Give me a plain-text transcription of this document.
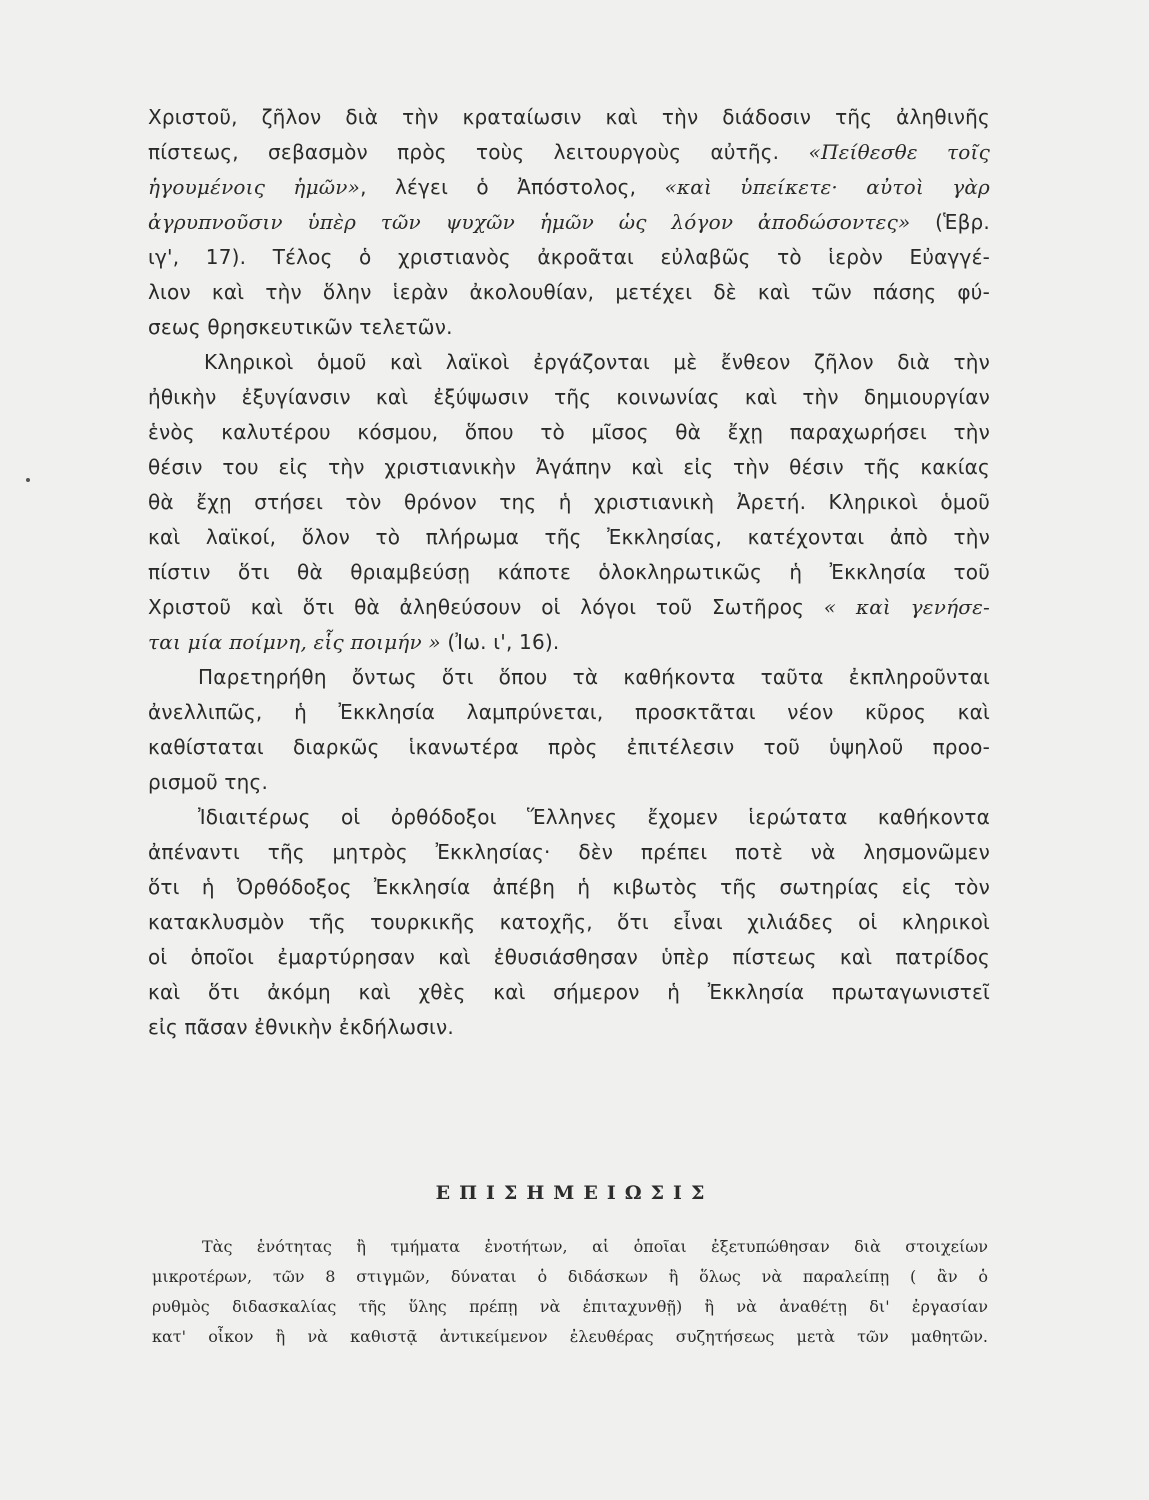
Χριστοῦ, ζῆλον διὰ τὴν κραταίωσιν καὶ τὴν διάδοσιν τῆς ἀληθινῆς
πίστεως, σεβασμὸν πρὸς τοὺς λειτουργοὺς αὐτῆς. «Πείθεσθε τοῖς
ἡγουμένοις ἡμῶν», λέγει ὁ Ἀπόστολος, «καὶ ὑπείκετε· αὐτοὶ γὰρ
ἀγρυπνοῦσιν ὑπὲρ τῶν ψυχῶν ἡμῶν ὡς λόγον ἀποδώσοντες» (Ἑβρ.
ιγ', 17). Τέλος ὁ χριστιανὸς ἀκροᾶται εὐλαβῶς τὸ ἱερὸν Εὐαγγέ-
λιον καὶ τὴν ὅλην ἱερὰν ἀκολουθίαν, μετέχει δὲ καὶ τῶν πάσης φύ-
σεως θρησκευτικῶν τελετῶν.
Κληρικοὶ ὁμοῦ καὶ λαϊκοὶ ἐργάζονται μὲ ἔνθεον ζῆλον διὰ τὴν
ἠθικὴν ἐξυγίανσιν καὶ ἐξύψωσιν τῆς κοινωνίας καὶ τὴν δημιουργίαν
ἑνὸς καλυτέρου κόσμου, ὅπου τὸ μῖσος θὰ ἔχῃ παραχωρήσει τὴν
θέσιν του εἰς τὴν χριστιανικὴν Ἀγάπην καὶ εἰς τὴν θέσιν τῆς κακίας
θὰ ἔχῃ στήσει τὸν θρόνον της ἡ χριστιανικὴ Ἀρετή. Κληρικοὶ ὁμοῦ
καὶ λαϊκοί, ὅλον τὸ πλήρωμα τῆς Ἐκκλησίας, κατέχονται ἀπὸ τὴν
πίστιν ὅτι θὰ θριαμβεύσῃ κάποτε ὁλοκληρωτικῶς ἡ Ἐκκλησία τοῦ
Χριστοῦ καὶ ὅτι θὰ ἀληθεύσουν οἱ λόγοι τοῦ Σωτῆρος « καὶ γενήσε-
ται μία ποίμνη, εἷς ποιμήν » (Ἰω. ι', 16).
Παρετηρήθη ὄντως ὅτι ὅπου τὰ καθήκοντα ταῦτα ἐκπληροῦνται
ἀνελλιπῶς, ἡ Ἐκκλησία λαμπρύνεται, προσκτᾶται νέον κῦρος καὶ
καθίσταται διαρκῶς ἱκανωτέρα πρὸς ἐπιτέλεσιν τοῦ ὑψηλοῦ προο-
ρισμοῦ της.
Ἰδιαιτέρως οἱ ὀρθόδοξοι Ἕλληνες ἔχομεν ἱερώτατα καθήκοντα
ἀπέναντι τῆς μητρὸς Ἐκκλησίας· δὲν πρέπει ποτὲ νὰ λησμονῶμεν
ὅτι ἡ Ὀρθόδοξος Ἐκκλησία ἀπέβη ἡ κιβωτὸς τῆς σωτηρίας εἰς τὸν
κατακλυσμὸν τῆς τουρκικῆς κατοχῆς, ὅτι εἶναι χιλιάδες οἱ κληρικοὶ
οἱ ὁποῖοι ἐμαρτύρησαν καὶ ἐθυσιάσθησαν ὑπὲρ πίστεως καὶ πατρίδος
καὶ ὅτι ἀκόμη καὶ χθὲς καὶ σήμερον ἡ Ἐκκλησία πρωταγωνιστεῖ
εἰς πᾶσαν ἐθνικὴν ἐκδήλωσιν.
ΕΠΙΣΗΜΕΙΩΣΙΣ
Τὰς ἑνότητας ἢ τμήματα ἑνοτήτων, αἱ ὁποῖαι ἐξετυπώθησαν διὰ στοιχείων
μικροτέρων, τῶν 8 στιγμῶν, δύναται ὁ διδάσκων ἢ ὅλως νὰ παραλείπῃ ( ἂν ὁ
ρυθμὸς διδασκαλίας τῆς ὕλης πρέπῃ νὰ ἐπιταχυνθῇ) ἢ νὰ ἀναθέτῃ δι' ἐργασίαν
κατ' οἶκον ἢ νὰ καθιστᾷ ἀντικείμενον ἐλευθέρας συζητήσεως μετὰ τῶν μαθητῶν.
